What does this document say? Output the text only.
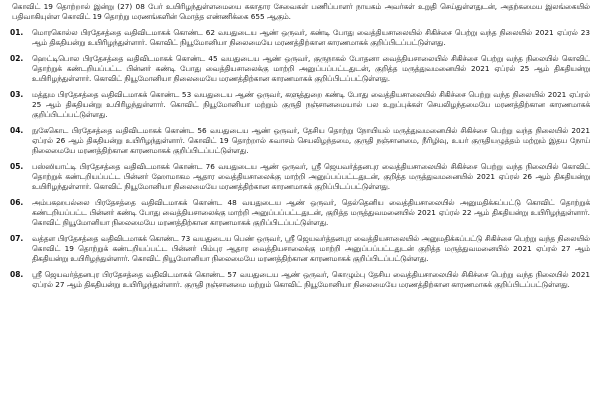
கொவிட் 19 தொற்றால் இன்று (27) 08 பேர் உயிரிழந்துள்ளமையை சுகாதார சேவைகள் பணிப்பாளர் நாயகம் அவர்கள் உறுதி செய்துள்ளதுடன், அதற்கமைய இலங்கையில் பதிவாகியுள்ள கொவிட் 19 தொற்று மரணங்களின் மொத்த எண்ணிக்கை 655 ஆகும்.

01.	மொரகொல்ல பிரதேசத்தை வதிவிடமாகக் கொண்ட 62 வயதுடைய ஆண் ஒருவர், கண்டி போது வைத்தியசாலையில் சிகிச்சை பெற்று வந்த நிலையில் 2021 ஏப்ரல் 23 ஆம் திகதியன்று உயிரிழந்துள்ளார். கொவிட் நியூமோனியா நிலைமையே மரணத்திற்கான காரணமாகக் குறிப்பிடப்பட்டுள்ளது.
02.	ஹெட்டிபொல பிரதேசத்தை வதிவிடமாகக் கொண்ட 45 வயதுடைய ஆண் ஒருவர், குருநாகல் போதனா வைத்தியசாலையில் சிகிச்சை பெற்று வந்த நிலையில் கொவிட் தொற்றுக் கண்டறியப்பட்ட பின்னர் கண்டி போது வைத்தியசாலைக்கு மாற்றி அனுப்பப்பட்டதுடன், குறித்த மருத்துவமனையில் 2021 ஏப்ரல் 25 ஆம் திகதியன்று உயிரிழந்துள்ளார். கொவிட் நியூமோனியா நிலைமையே மரணத்திற்கான காரணமாகக் குறிப்பிடப்பட்டுள்ளது.
03.	மத்தும பிரதேசத்தை வதிவிடமாகக் கொண்ட 53 வயதுடைய ஆண் ஒருவர், களுத்துறை கண்டி போது வைத்தியசாலையில் சிகிச்சை பெற்று வந்த நிலையில் 2021 ஏப்ரல் 25 ஆம் திகதியன்று உயிரிழந்துள்ளார். கொவிட் நியூமோனியா மற்றும் குருதி நஞ்சானமையால் பல உறுப்புக்கள் செயலிழந்தமையே மரணத்திற்கான காரணமாகக் குறிப்பிடப்பட்டுள்ளது.
04.	நுகேகொட பிரதேசத்தை வதிவிடமாகக் கொண்ட 56 வயதுடைய ஆண் ஒருவர், தேசிய தொற்று நோயியல் மருத்துவமனையில் சிகிச்சை பெற்று வந்த நிலையில் 2021 ஏப்ரல் 26 ஆம் திகதியன்று உயிரிழந்துள்ளார். கொவிட் 19 தொற்றால் சுவாசம் செயலிழந்தமை, குருதி நஞ்சானமை, நீரிழிவு, உயர் குருதியழுத்தம் மற்றும் இதய நோய் நிலைமையே மரணத்திற்கான காரணமாகக் குறிப்பிடப்பட்டுள்ளது.
05.	பஸ்ஸியாட்டி பிரதேசத்தை வதிவிடமாகக் கொண்ட 76 வயதுடைய ஆண் ஒருவர், ஸ்ரீ ஜெயவர்த்தனபுர வைத்தியசாலையில் சிகிச்சை பெற்று வந்த நிலையில் கொவிட் தொற்றுக் கண்டறியப்பட்ட பின்னர் ஹோமாகம ஆதார வைத்தியசாலைக்கு மாற்றி அனுப்பப்பட்டதுடன், குறித்த மருத்துவமனையில் 2021 ஏப்ரல் 26 ஆம் திகதியன்று உயிரிழந்துள்ளார். கொவிட் நியூமோனியா நிலைமையே மரணத்திற்கான காரணமாகக் குறிப்பிடப்பட்டுள்ளது.
06.	அம்பகஹபல்லை பிரதேசத்தை வதிவிடமாகக் கொண்ட 48 வயதுடைய ஆண் ஒருவர், தெல்தெனிய வைத்தியசாலையில் அனுமதிக்கப்பட்டு கொவிட் தொற்றுக் கண்டறியப்பட்ட பின்னர் கண்டி போது வைத்தியசாலைக்கு மாற்றி அனுப்பப்பட்டதுடன், குறித்த மருத்துவமனையில் 2021 ஏப்ரல் 22 ஆம் திகதியன்று உயிரிழந்துள்ளார். கொவிட் நியூமோனியா நிலைமையே மரணத்திற்கான காரணமாகக் குறிப்பிடப்பட்டுள்ளது.
07.	வத்தள பிரதேசத்தை வதிவிடமாகக் கொண்ட 73 வயதுடைய பெண் ஒருவர், ஸ்ரீ ஜெயவர்த்தனபுர வைத்தியசாலையில் அனுமதிக்கப்பட்டு சிகிச்சை பெற்று வந்த நிலையில் கொவிட் 19 தொற்றுக் கண்டறியப்பட்ட பின்னர் பிம்புர ஆதார வைத்தியசாலைக்கு மாற்றி அனுப்பப்பட்டதுடன் குறித்த மருத்துவமனையில் 2021 ஏப்ரல் 27 ஆம் திகதியன்று உயிரிழந்துள்ளார். கொவிட் நியூமோனியா நிலைமையே மரணத்திற்கான காரணமாகக் குறிப்பிடப்பட்டுள்ளது.
08.	ஸ்ரீ ஜெயவர்த்தனபுர பிரதேசத்தை வதிவிடமாகக் கொண்ட 57 வயதுடைய ஆண் ஒருவர், கொழும்பு தேசிய வைத்தியசாலையில் சிகிச்சை பெற்று வந்த நிலையில் 2021 ஏப்ரல் 27 ஆம் திகதியன்று உயிரிழந்துள்ளார். குருதி நஞ்சானமை மற்றும் கொவிட் நியூமோனியா நிலைமையே மரணத்திற்கான காரணமாகக் குறிப்பிடப்பட்டுள்ளது.
